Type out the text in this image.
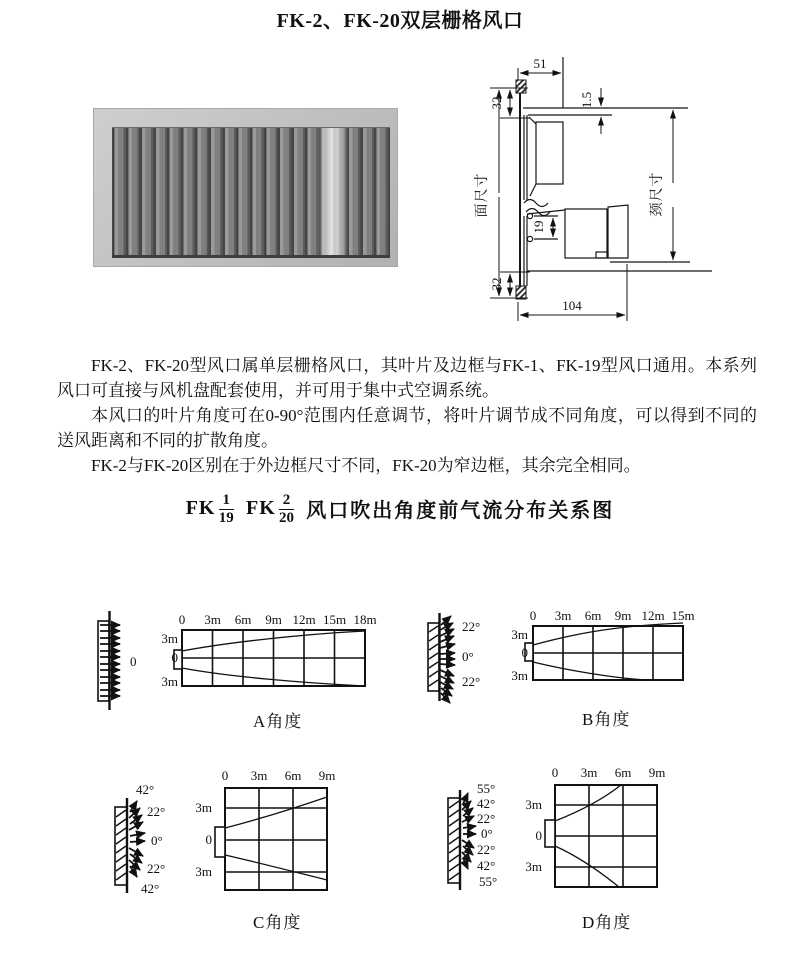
FK-2、FK-20双层栅格风口
51
1.5
32
32
19
104
面尺寸	颈尺寸

FK-2、FK-20型风口属单层栅格风口，其叶片及边框与FK-1、FK-19型风口通用。本系列风口可直接与风机盘配套使用，并可用于集中式空调系统。

本风口的叶片角度可在0-90°范围内任意调节，将叶片调节成不同角度，可以得到不同的送风距离和不同的扩散角度。

FK-2与FK-20区别在于外边框尺寸不同，FK-20为窄边框，其余完全相同。

FK $\frac{1}{19}$ FK $\frac{2}{20}$ 风口吹出角度前气流分布关系图
0
0 3m 6m 9m 12m 15m 18m
3m
0
3m
A角度
22°
0°
22°
0 3m 6m 9m 12m 15m
3m
0
3m
B角度
42°
22°
0°
22°
42°
0 3m 6m 9m
3m
0
3m
C角度
55°
42°
22°
0°
22°
42°
55°
0 3m 6m 9m
3m
0
3m
D角度
